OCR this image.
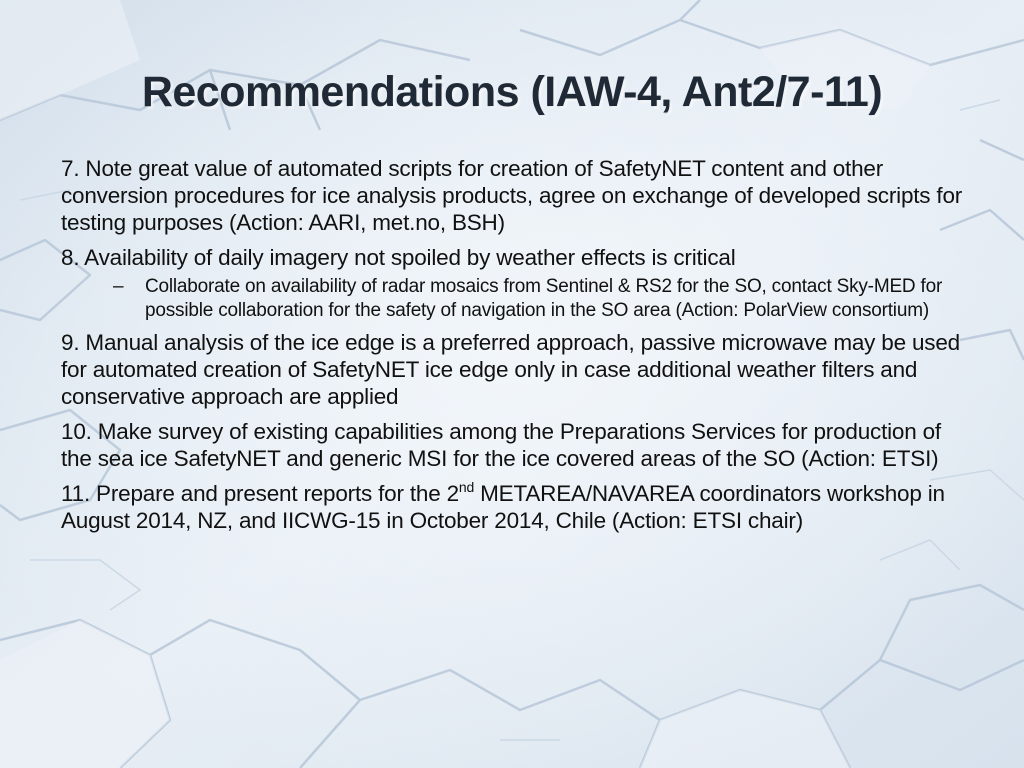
Recommendations (IAW-4, Ant2/7-11)
7. Note great value of automated scripts for creation of SafetyNET content and other conversion procedures for ice analysis products, agree on exchange of developed scripts for testing purposes (Action: AARI, met.no, BSH)
8. Availability of daily imagery not spoiled by weather effects is critical
–	Collaborate on availability of radar mosaics from Sentinel & RS2 for the SO, contact Sky-MED for possible collaboration for the safety of navigation in the SO area (Action: PolarView consortium)
9. Manual analysis of the ice edge is a preferred approach, passive microwave may be used for automated creation of SafetyNET ice edge only in case additional weather filters and conservative approach are applied
10. Make survey of existing capabilities among the Preparations Services for production of the sea ice SafetyNET and generic MSI for the ice covered areas of the SO (Action: ETSI)
11. Prepare and present reports for the 2nd METAREA/NAVAREA coordinators workshop in August 2014, NZ, and IICWG-15 in October 2014, Chile (Action: ETSI chair)
